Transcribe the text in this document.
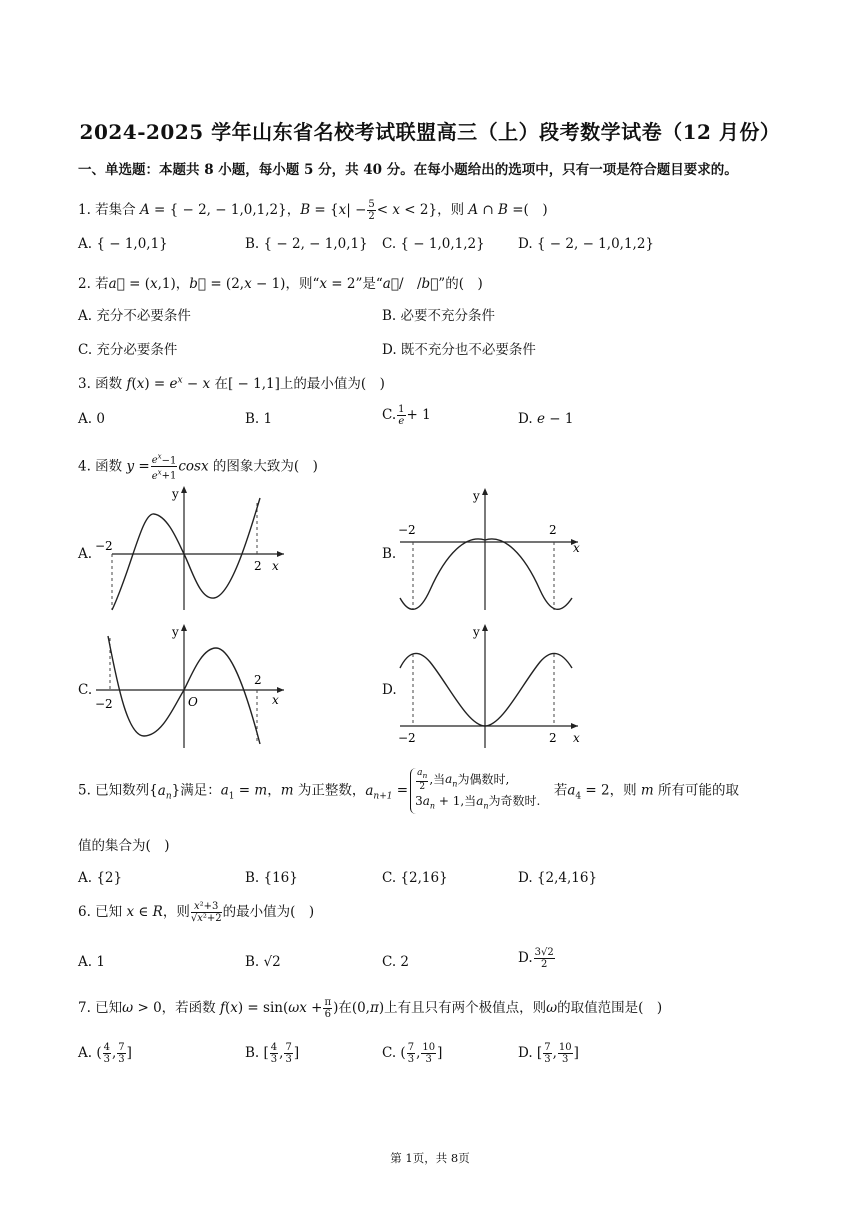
2024-2025 学年山东省名校考试联盟高三（上）段考数学试卷（12 月份）
一、单选题：本题共 8 小题，每小题 5 分，共 40 分。在每小题给出的选项中，只有一项是符合题目要求的。
1. 若集合 A = { − 2, − 1,0,1,2}，$B = \{x| - \frac{5}{2} < x < 2\}$，则 A ∩ B =(　)
A. { − 1,0,1}	B. { − 2, − 1,0,1} C. { − 1,0,1,2} D. { − 2, − 1,0,1,2}
2. 若a⃗ = (x,1)，b⃗ = (2,x − 1)，则“x = 2”是“a⃗/　/b⃗”的(　)
A. 充分不必要条件	B. 必要不充分条件
C. 充分必要条件	D. 既不充分也不必要条件
3. 函数 $f(x) = e^x - x$ 在[ − 1,1]上的最小值为(　)
A. 0	B. 1	C. $\frac{1}{e} + 1$	D. e − 1
4. 函数 $y = \frac{e^x-1}{e^x+1}$ cosx 的图象大致为(　)
A.
y
−2
2 x
B.
y
−2	2
x
C.
y
−2	O
2
x
D.
y
−2	2 x
5. 已知数列$\{a_n\}$满足：$a_1 = m$，m 为正整数，$a_{n+1} = \frac{a_n}{2}$ ,当$a_n$为偶数时,
$3a_n + 1$,当$a_n$为奇数时.　若$a_4 = 2$，则 m 所有可能的取
值的集合为(　)
A. {2}	B. {16}	C. {2,16}	D. {2,4,16}
6. 已知 x ∈ R，则 $\frac{\text{x²+3}}{\text{√x²+2}}$ 的最小值为(　)
A. 1	B. √2	C. 2	D. $\frac{3√2}{2}$
7. 已知ω > 0，若函数 $f(x) = \sin(\omega x + \frac{\pi}{6}$ )在(0,π)上有且只有两个极值点，则ω的取值范围是(　)
A. ( $\frac{4}{3}$ , $\frac{7}{3}$ ]	B. [ $\frac{4}{3}$ , $\frac{7}{3}$ ]	C. ( $\frac{7}{3}$ , $\frac{10}{3}$ ]	D. [ $\frac{7}{3}$ , $\frac{10}{3}$ ]
第 1页，共 8页
